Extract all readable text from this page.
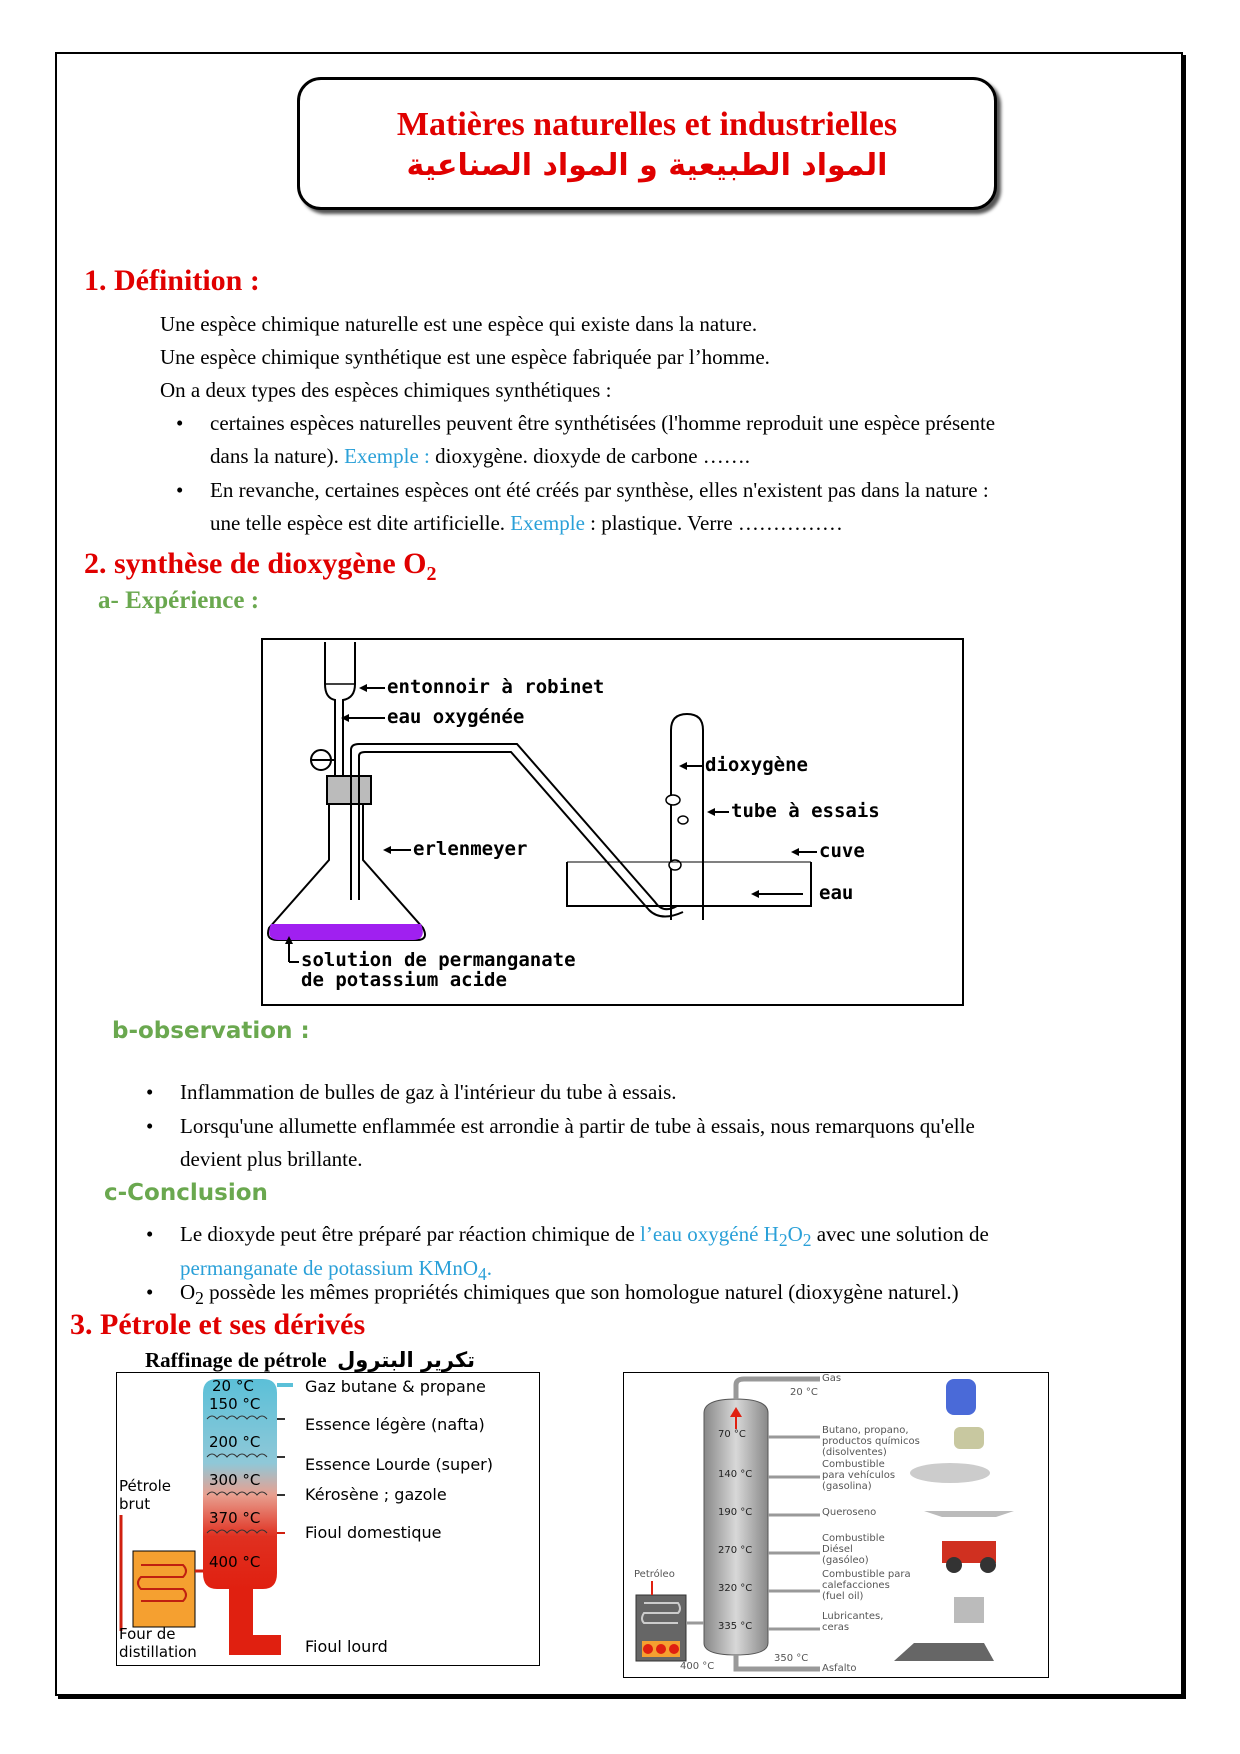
Matières naturelles et industrielles
المواد الطبيعية و المواد الصناعية
1. Définition :
Une espèce chimique naturelle est une espèce qui existe dans la nature.
Une espèce chimique synthétique est une espèce fabriquée par l’homme.
On a deux types des espèces chimiques synthétiques :
• certaines espèces naturelles peuvent être synthétisées (l'homme reproduit une espèce présente
dans la nature). Exemple : dioxygène. dioxyde de carbone …….
• En revanche, certaines espèces ont été créés par synthèse, elles n'existent pas dans la nature :
une telle espèce est dite artificielle. Exemple : plastique. Verre ……………
2. synthèse de dioxygène $O_2$
a- Expérience :
entonnoir à robinet
eau oxygénée
erlenmeyer
dioxygène
tube à essais
cuve
eau
solution de permanganate
de potassium acide
b-observation :
• Inflammation de bulles de gaz à l'intérieur du tube à essais.
• Lorsqu'une allumette enflammée est arrondie à partir de tube à essais, nous remarquons qu'elle
devient plus brillante.
c-Conclusion
• Le dioxyde peut être préparé par réaction chimique de l’eau oxygéné $H_2O_2$ avec une solution de
permanganate de potassium KMnO$_4$.
• $O_2$ possède les mêmes propriétés chimiques que son homologue naturel (dioxygène naturel.)
3. Pétrole et ses dérivés
Raffinage de pétrole تكرير البترول
20 °C
150 °C
200 °C
300 °C
370 °C
400 °C
Gaz butane & propane
Essence légère (nafta)
Essence Lourde (super)
Kérosène ; gazole
Fioul domestique
Fioul lourd
Pétrole
brut
Four de
distillation
Gas
20 °C
Butano, propano,
productos químicos
(disolventes)
Combustible
para vehículos
(gasolina)
Queroseno
Combustible
Diésel
(gasóleo)
Combustible para
calefacciones
(fuel oil)
Lubricantes,
ceras
Asfalto
70 °C
140 °C
190 °C
270 °C
320 °C
335 °C
Petróleo
400 °C
350 °C
